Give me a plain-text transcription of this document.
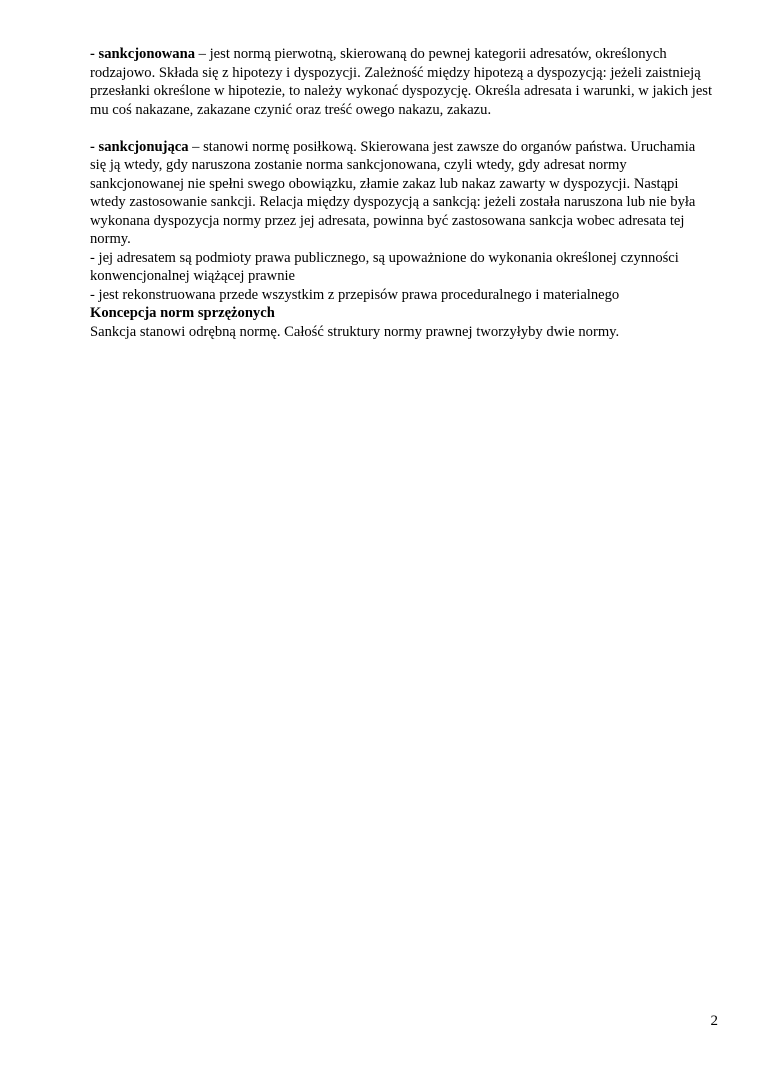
- sankcjonowana – jest normą pierwotną, skierowaną do pewnej kategorii adresatów, określonych rodzajowo. Składa się z hipotezy i dyspozycji. Zależność między hipotezą a dyspozycją: jeżeli zaistnieją przesłanki określone w hipotezie, to należy wykonać dyspozycję. Określa adresata i warunki, w jakich jest mu coś nakazane, zakazane czynić oraz treść owego nakazu, zakazu.

- sankcjonująca – stanowi normę posiłkową. Skierowana jest zawsze do organów państwa. Uruchamia się ją wtedy, gdy naruszona zostanie norma sankcjonowana, czyli wtedy, gdy adresat normy sankcjonowanej nie spełni swego obowiązku, złamie zakaz lub nakaz zawarty w dyspozycji. Nastąpi wtedy zastosowanie sankcji. Relacja między dyspozycją a sankcją: jeżeli została naruszona lub nie była wykonana dyspozycja normy przez jej adresata, powinna być zastosowana sankcja wobec adresata tej normy.

- jej adresatem są podmioty prawa publicznego, są upoważnione do wykonania określonej czynności konwencjonalnej wiążącej prawnie

- jest rekonstruowana przede wszystkim z przepisów prawa proceduralnego i materialnego

Koncepcja norm sprzężonych

Sankcja stanowi odrębną normę. Całość struktury normy prawnej tworzyłyby dwie normy.

2
